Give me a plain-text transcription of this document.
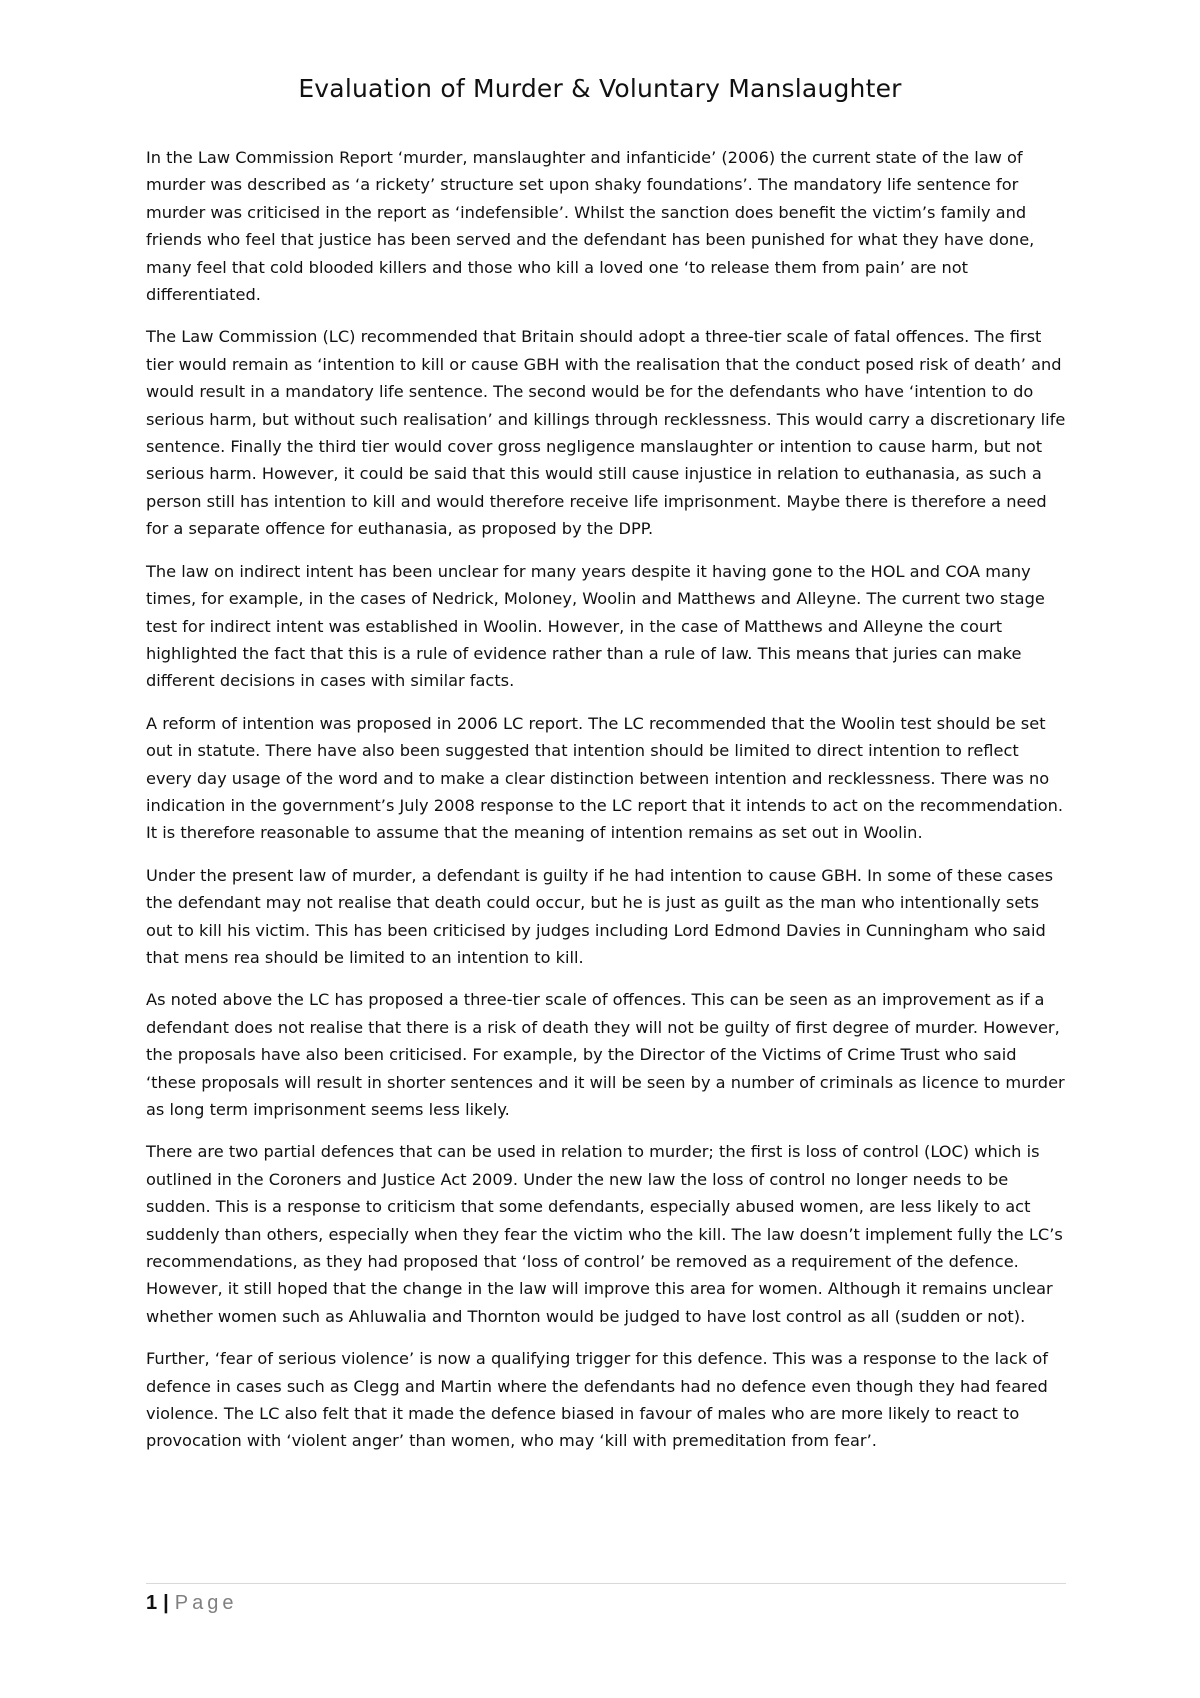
Evaluation of Murder & Voluntary Manslaughter

In the Law Commission Report ‘murder, manslaughter and infanticide’ (2006) the current state of the law of murder was described as ‘a rickety’ structure set upon shaky foundations’. The mandatory life sentence for murder was criticised in the report as ‘indefensible’. Whilst the sanction does benefit the victim’s family and friends who feel that justice has been served and the defendant has been punished for what they have done, many feel that cold blooded killers and those who kill a loved one ‘to release them from pain’ are not differentiated.

The Law Commission (LC) recommended that Britain should adopt a three-tier scale of fatal offences. The first tier would remain as ‘intention to kill or cause GBH with the realisation that the conduct posed risk of death’ and would result in a mandatory life sentence. The second would be for the defendants who have ‘intention to do serious harm, but without such realisation’ and killings through recklessness. This would carry a discretionary life sentence. Finally the third tier would cover gross negligence manslaughter or intention to cause harm, but not serious harm. However, it could be said that this would still cause injustice in relation to euthanasia, as such a person still has intention to kill and would therefore receive life imprisonment. Maybe there is therefore a need for a separate offence for euthanasia, as proposed by the DPP.

The law on indirect intent has been unclear for many years despite it having gone to the HOL and COA many times, for example, in the cases of Nedrick, Moloney, Woolin and Matthews and Alleyne. The current two stage test for indirect intent was established in Woolin. However, in the case of Matthews and Alleyne the court highlighted the fact that this is a rule of evidence rather than a rule of law. This means that juries can make different decisions in cases with similar facts.

A reform of intention was proposed in 2006 LC report. The LC recommended that the Woolin test should be set out in statute. There have also been suggested that intention should be limited to direct intention to reflect every day usage of the word and to make a clear distinction between intention and recklessness. There was no indication in the government’s July 2008 response to the LC report that it intends to act on the recommendation. It is therefore reasonable to assume that the meaning of intention remains as set out in Woolin.

Under the present law of murder, a defendant is guilty if he had intention to cause GBH. In some of these cases the defendant may not realise that death could occur, but he is just as guilt as the man who intentionally sets out to kill his victim. This has been criticised by judges including Lord Edmond Davies in Cunningham who said that mens rea should be limited to an intention to kill.

As noted above the LC has proposed a three-tier scale of offences. This can be seen as an improvement as if a defendant does not realise that there is a risk of death they will not be guilty of first degree of murder. However, the proposals have also been criticised. For example, by the Director of the Victims of Crime Trust who said ‘these proposals will result in shorter sentences and it will be seen by a number of criminals as licence to murder as long term imprisonment seems less likely.

There are two partial defences that can be used in relation to murder; the first is loss of control (LOC) which is outlined in the Coroners and Justice Act 2009. Under the new law the loss of control no longer needs to be sudden. This is a response to criticism that some defendants, especially abused women, are less likely to act suddenly than others, especially when they fear the victim who the kill. The law doesn’t implement fully the LC’s recommendations, as they had proposed that ‘loss of control’ be removed as a requirement of the defence. However, it still hoped that the change in the law will improve this area for women. Although it remains unclear whether women such as Ahluwalia and Thornton would be judged to have lost control as all (sudden or not).

Further, ‘fear of serious violence’ is now a qualifying trigger for this defence. This was a response to the lack of defence in cases such as Clegg and Martin where the defendants had no defence even though they had feared violence. The LC also felt that it made the defence biased in favour of males who are more likely to react to provocation with ‘violent anger’ than women, who may ‘kill with premeditation from fear’.

1 | Page
